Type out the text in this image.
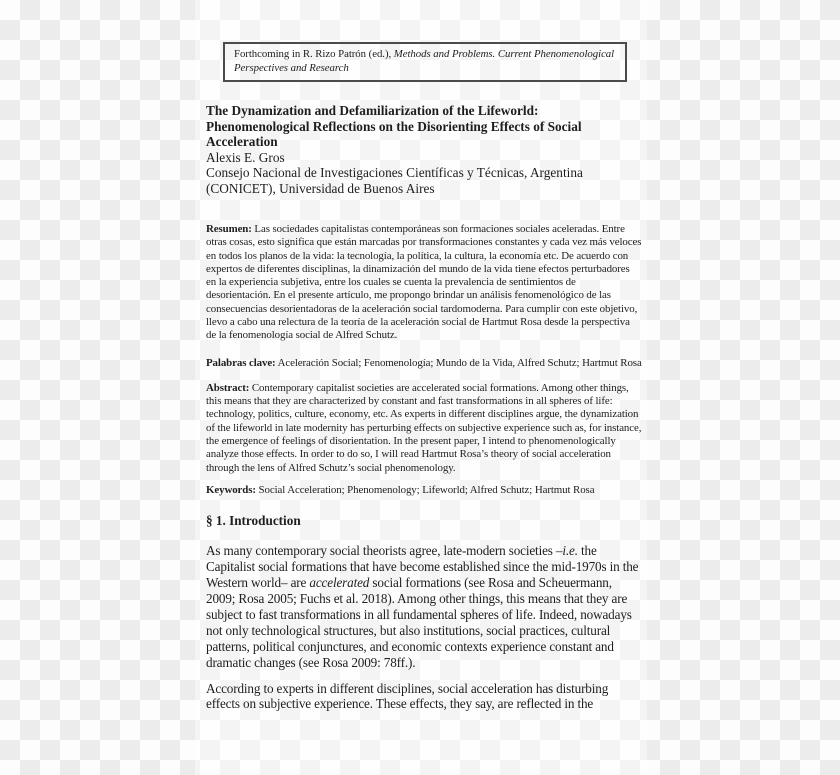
Forthcoming in R. Rizo Patrón (ed.), Methods and Problems. Current Phenomenological Perspectives and Research
The Dynamization and Defamiliarization of the Lifeworld:
Phenomenological Reflections on the Disorienting Effects of Social
Acceleration
Alexis E. Gros
Consejo Nacional de Investigaciones Científicas y Técnicas, Argentina
(CONICET), Universidad de Buenos Aires

Resumen: Las sociedades capitalistas contemporáneas son formaciones sociales aceleradas. Entre otras cosas, esto significa que están marcadas por transformaciones constantes y cada vez más veloces en todos los planos de la vida: la tecnología, la política, la cultura, la economía etc. De acuerdo con expertos de diferentes disciplinas, la dinamización del mundo de la vida tiene efectos perturbadores en la experiencia subjetiva, entre los cuales se cuenta la prevalencia de sentimientos de desorientación. En el presente artículo, me propongo brindar un análisis fenomenológico de las consecuencias desorientadoras de la aceleración social tardomoderna. Para cumplir con este objetivo, llevo a cabo una relectura de la teoría de la aceleración social de Hartmut Rosa desde la perspectiva de la fenomenología social de Alfred Schutz.

Palabras clave: Aceleración Social; Fenomenología; Mundo de la Vida, Alfred Schutz; Hartmut Rosa

Abstract: Contemporary capitalist societies are accelerated social formations. Among other things, this means that they are characterized by constant and fast transformations in all spheres of life: technology, politics, culture, economy, etc. As experts in different disciplines argue, the dynamization of the lifeworld in late modernity has perturbing effects on subjective experience such as, for instance, the emergence of feelings of disorientation. In the present paper, I intend to phenomenologically analyze those effects. In order to do so, I will read Hartmut Rosa’s theory of social acceleration through the lens of Alfred Schutz’s social phenomenology.

Keywords: Social Acceleration; Phenomenology; Lifeworld; Alfred Schutz; Hartmut Rosa

§ 1. Introduction

As many contemporary social theorists agree, late-modern societies –i.e. the Capitalist social formations that have become established since the mid-1970s in the Western world– are accelerated social formations (see Rosa and Scheuermann, 2009; Rosa 2005; Fuchs et al. 2018). Among other things, this means that they are subject to fast transformations in all fundamental spheres of life. Indeed, nowadays not only technological structures, but also institutions, social practices, cultural patterns, political conjunctures, and economic contexts experience constant and dramatic changes (see Rosa 2009: 78ff.).

According to experts in different disciplines, social acceleration has disturbing effects on subjective experience. These effects, they say, are reflected in the
